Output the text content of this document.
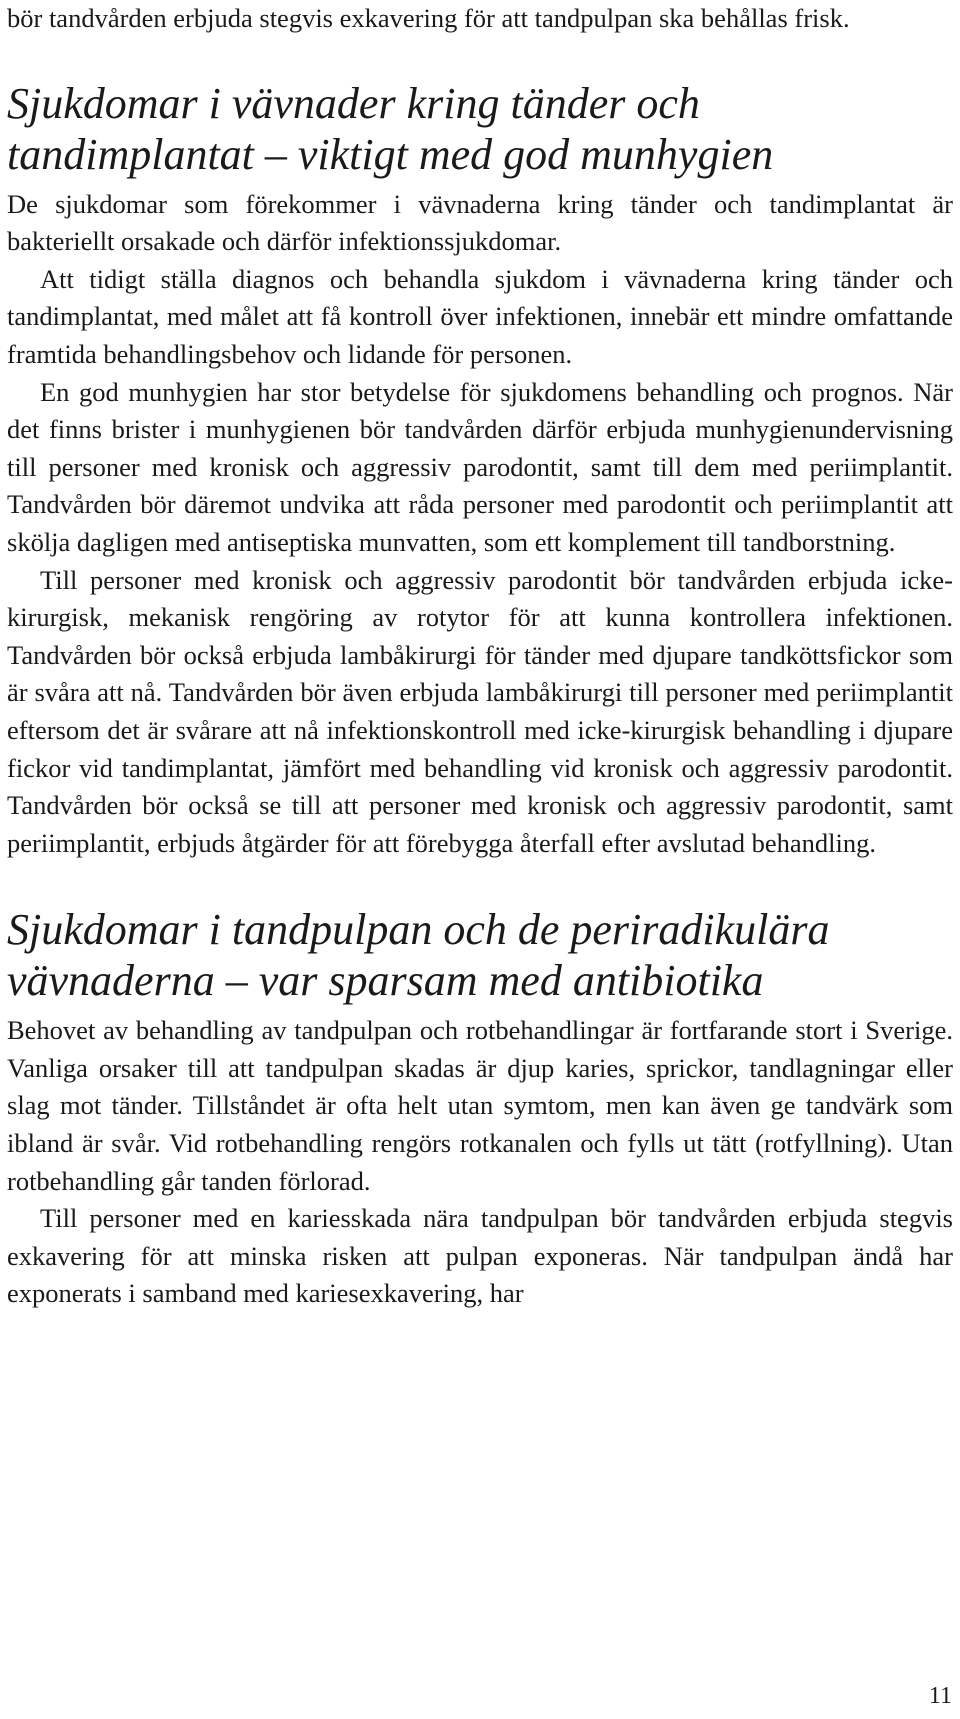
bör tandvården erbjuda stegvis exkavering för att tandpulpan ska behållas frisk.

Sjukdomar i vävnader kring tänder och tandimplantat – viktigt med god munhygien

De sjukdomar som förekommer i vävnaderna kring tänder och tandimplantat är bakteriellt orsakade och därför infektionssjukdomar.

Att tidigt ställa diagnos och behandla sjukdom i vävnaderna kring tänder och tandimplantat, med målet att få kontroll över infektionen, innebär ett mindre omfattande framtida behandlingsbehov och lidande för personen.

En god munhygien har stor betydelse för sjukdomens behandling och prognos. När det finns brister i munhygienen bör tandvården därför erbjuda munhygienundervisning till personer med kronisk och aggressiv parodontit, samt till dem med periimplantit. Tandvården bör däremot undvika att råda personer med parodontit och periimplantit att skölja dagligen med antiseptiska munvatten, som ett komplement till tandborstning.

Till personer med kronisk och aggressiv parodontit bör tandvården erbjuda icke-kirurgisk, mekanisk rengöring av rotytor för att kunna kontrollera infektionen. Tandvården bör också erbjuda lambåkirurgi för tänder med djupare tandköttsfickor som är svåra att nå. Tandvården bör även erbjuda lambåkirurgi till personer med periimplantit eftersom det är svårare att nå infektionskontroll med icke-kirurgisk behandling i djupare fickor vid tandimplantat, jämfört med behandling vid kronisk och aggressiv parodontit. Tandvården bör också se till att personer med kronisk och aggressiv parodontit, samt periimplantit, erbjuds åtgärder för att förebygga återfall efter avslutad behandling.

Sjukdomar i tandpulpan och de periradikulära vävnaderna – var sparsam med antibiotika

Behovet av behandling av tandpulpan och rotbehandlingar är fortfarande stort i Sverige. Vanliga orsaker till att tandpulpan skadas är djup karies, sprickor, tandlagningar eller slag mot tänder. Tillståndet är ofta helt utan symtom, men kan även ge tandvärk som ibland är svår. Vid rotbehandling rengörs rotkanalen och fylls ut tätt (rotfyllning). Utan rotbehandling går tanden förlorad.

Till personer med en kariesskada nära tandpulpan bör tandvården erbjuda stegvis exkavering för att minska risken att pulpan exponeras. När tandpulpan ändå har exponerats i samband med kariesexkavering, har

11
